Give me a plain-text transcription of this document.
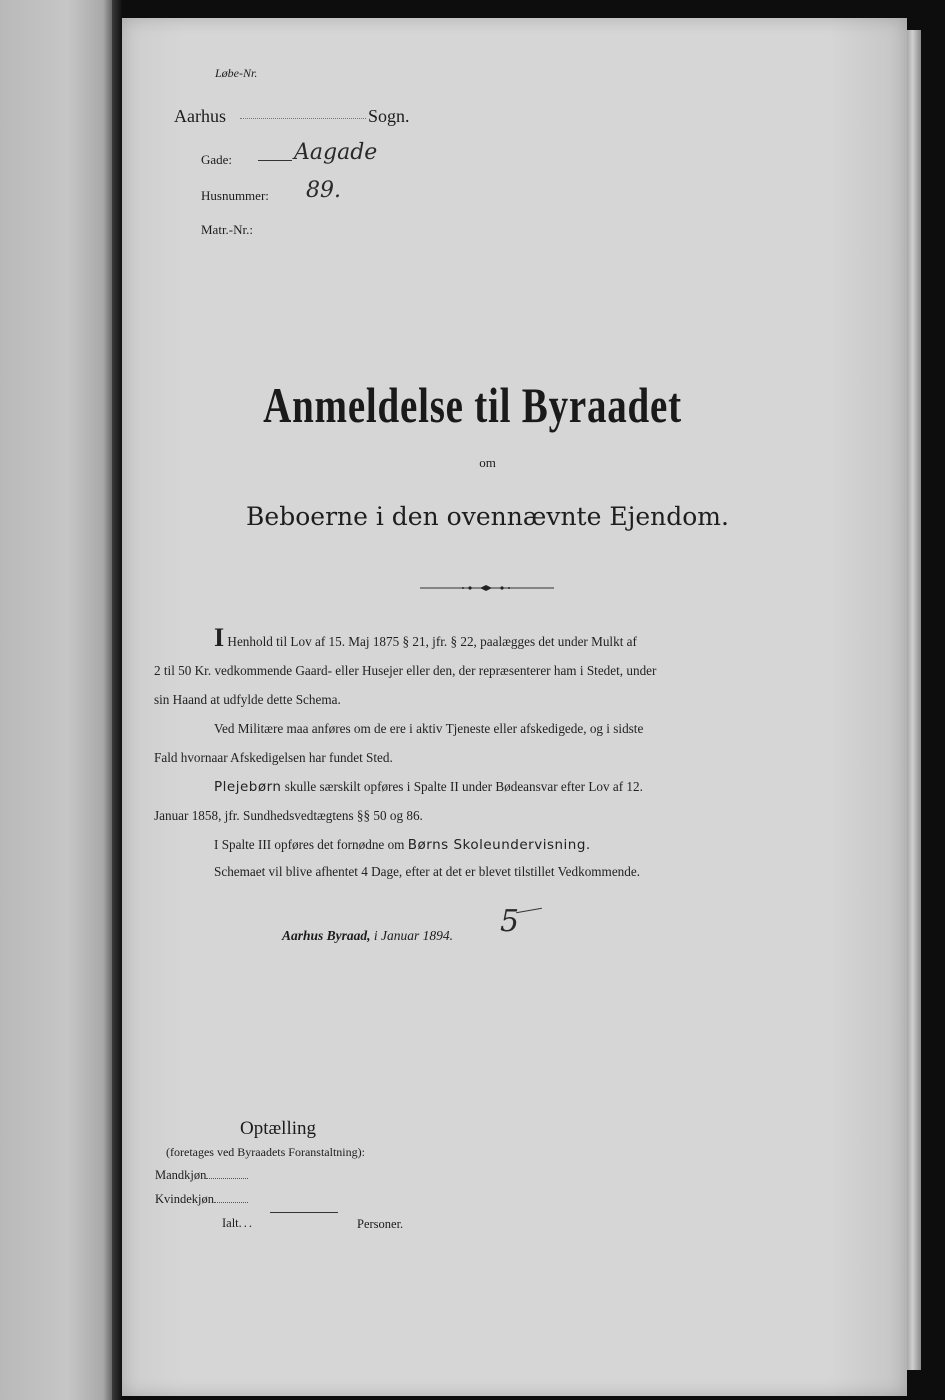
Løbe-Nr.
Aarhus	Sogn.
Gade:	Aagade
Husnummer: 89.
Matr.-Nr.:
Anmeldelse til Byraadet
om
Beboerne i den ovennævnte Ejendom.
I Henhold til Lov af 15. Maj 1875 § 21, jfr. § 22, paalægges det under Mulkt af
2 til 50 Kr. vedkommende Gaard- eller Husejer eller den, der repræsenterer ham i Stedet, under
sin Haand at udfylde dette Schema.
Ved Militære maa anføres om de ere i aktiv Tjeneste eller afskedigede, og i sidste
Fald hvornaar Afskedigelsen har fundet Sted.
Plejebørn skulle særskilt opføres i Spalte II under Bødeansvar efter Lov af 12.
Januar 1858, jfr. Sundhedsvedtægtens §§ 50 og 86.
I Spalte III opføres det fornødne om Børns Skoleundervisning.
Schemaet vil blive afhentet 4 Dage, efter at det er blevet tilstillet Vedkommende.
Aarhus Byraad, i Januar 1894. 5
Optælling
(foretages ved Byraadets Foranstaltning):
Mandkjøn
Kvindekjøn
Ialt...	Personer.
